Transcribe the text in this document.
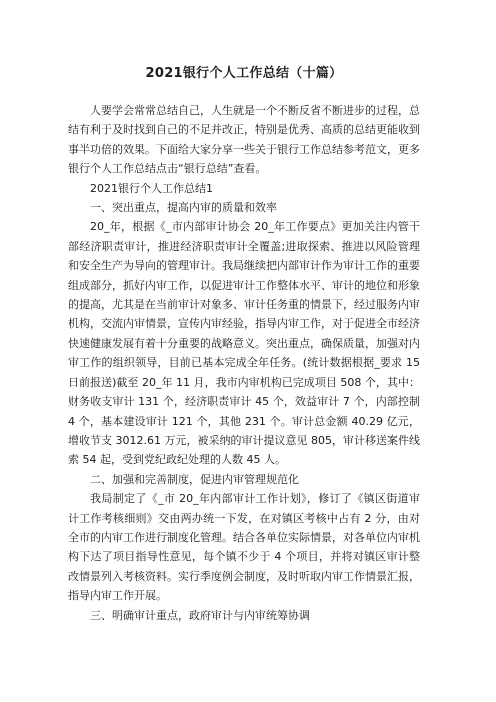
2021银行个人工作总结（十篇）

人要学会常常总结自己，人生就是一个不断反省不断进步的过程，总结有利于及时找到自己的不足并改正，特别是优秀、高质的总结更能收到事半功倍的效果。下面给大家分享一些关于银行工作总结参考范文，更多银行个人工作总结点击“银行总结”查看。

2021银行个人工作总结1

一、突出重点，提高内审的质量和效率

20_年，根据《_市内部审计协会 20_年工作要点》更加关注内管干部经济职责审计，推进经济职责审计全覆盖;进取探索、推进以风险管理和安全生产为导向的管理审计。我局继续把内部审计作为审计工作的重要组成部分，抓好内审工作，以促进审计工作整体水平、审计的地位和形象的提高，尤其是在当前审计对象多、审计任务重的情景下，经过服务内审机构，交流内审情景，宣传内审经验，指导内审工作，对于促进全市经济快速健康发展有着十分重要的战略意义。突出重点，确保质量，加强对内审工作的组织领导，目前已基本完成全年任务。(统计数据根据_要求 15 日前报送)截至 20_年 11 月，我市内审机构已完成项目 508 个，其中：财务收支审计 131 个，经济职责审计 45 个，效益审计 7 个，内部控制 4 个，基本建设审计 121 个，其他 231 个。审计总金额 40.29 亿元，增收节支 3012.61 万元，被采纳的审计提议意见 805，审计移送案件线索 54 起，受到党纪政纪处理的人数 45 人。

二、加强和完善制度，促进内审管理规范化

我局制定了《_市 20_年内部审计工作计划》，修订了《镇区街道审计工作考核细则》交由两办统一下发，在对镇区考核中占有 2 分，由对全市的内审工作进行制度化管理。结合各单位实际情景，对各单位内审机构下达了项目指导性意见，每个镇不少于 4 个项目，并将对镇区审计整改情景列入考核资料。实行季度例会制度，及时听取内审工作情景汇报，指导内审工作开展。

三、明确审计重点，政府审计与内审统筹协调
